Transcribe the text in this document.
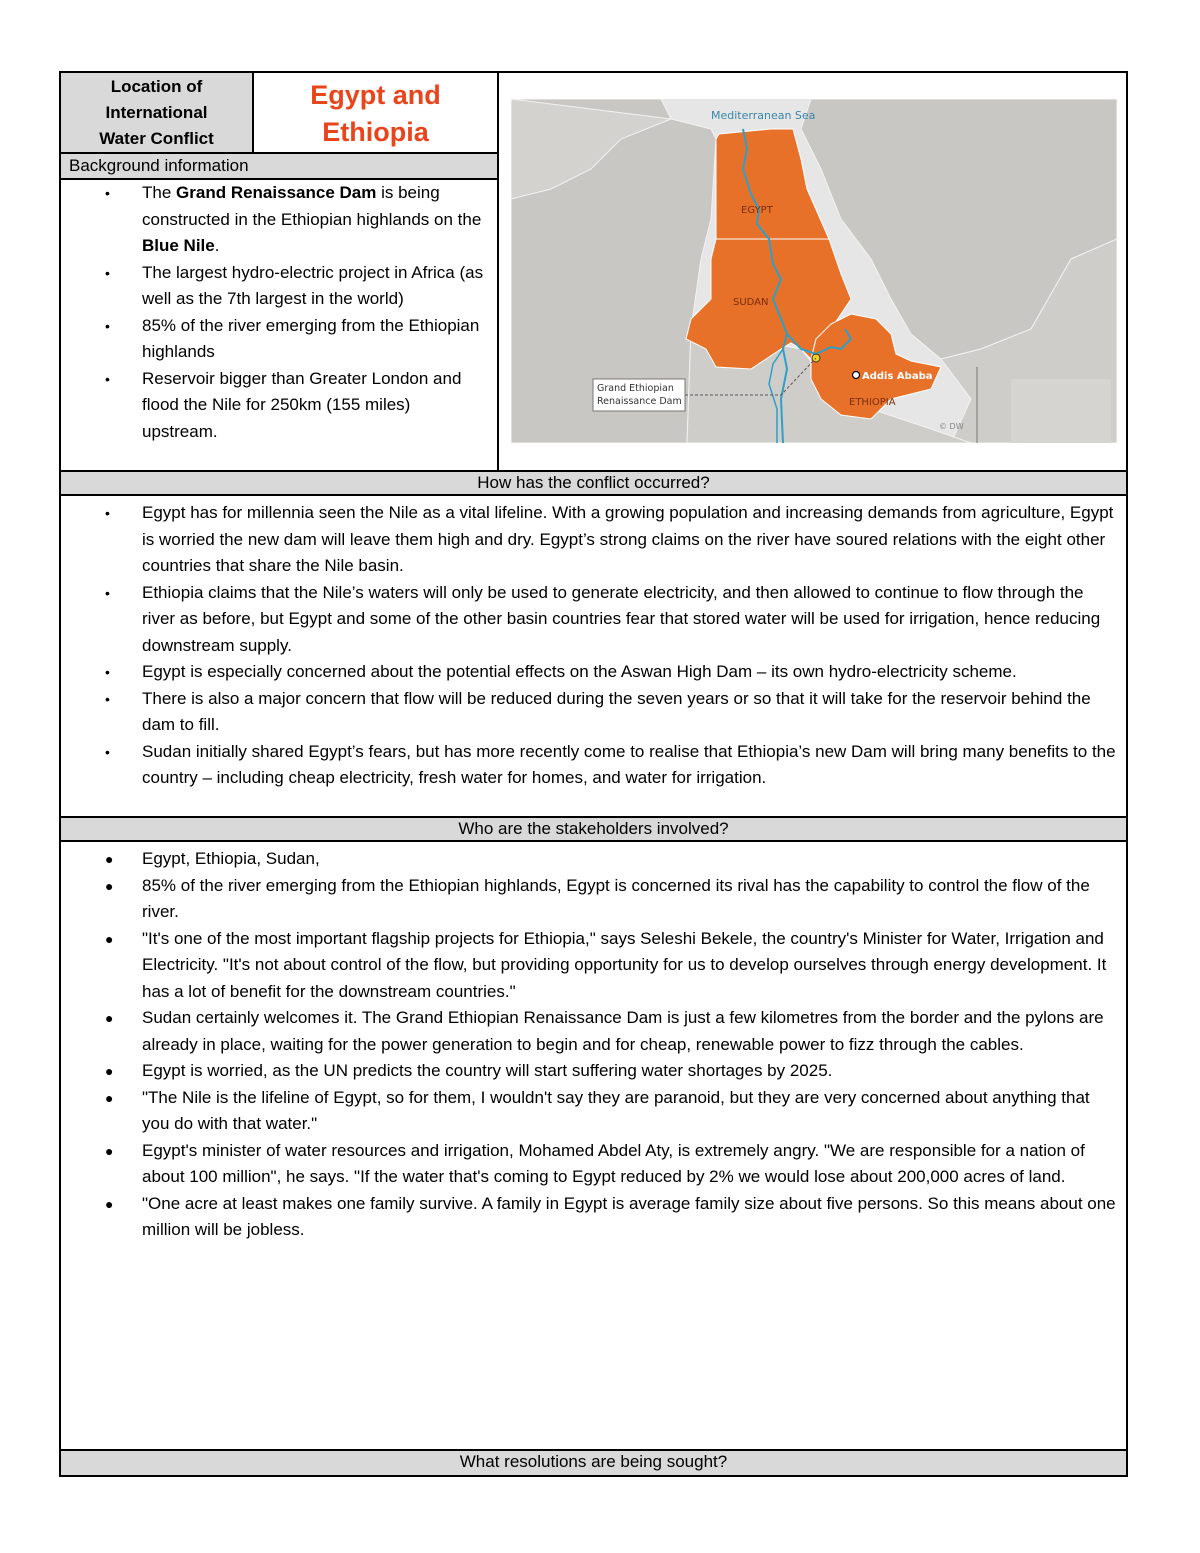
Location of
International
Water Conflict
Egypt and
Ethiopia
Background information
• The Grand Renaissance Dam is being constructed in the Ethiopian highlands on the Blue Nile.
• The largest hydro-electric project in Africa (as well as the 7th largest in the world)
• 85% of the river emerging from the Ethiopian highlands
• Reservoir bigger than Greater London and flood the Nile for 250km (155 miles) upstream.
Mediterranean Sea
EGYPT
SUDAN
ETHIOPIA
Addis Ababa
Grand Ethiopian
Renaissance Dam
© DW
How has the conflict occurred?
• Egypt has for millennia seen the Nile as a vital lifeline. With a growing population and increasing demands from agriculture, Egypt is worried the new dam will leave them high and dry. Egypt’s strong claims on the river have soured relations with the eight other countries that share the Nile basin.
• Ethiopia claims that the Nile’s waters will only be used to generate electricity, and then allowed to continue to flow through the river as before, but Egypt and some of the other basin countries fear that stored water will be used for irrigation, hence reducing downstream supply.
• Egypt is especially concerned about the potential effects on the Aswan High Dam – its own hydro-electricity scheme.
• There is also a major concern that flow will be reduced during the seven years or so that it will take for the reservoir behind the dam to fill.
• Sudan initially shared Egypt’s fears, but has more recently come to realise that Ethiopia’s new Dam will bring many benefits to the country – including cheap electricity, fresh water for homes, and water for irrigation.
Who are the stakeholders involved?
● Egypt, Ethiopia, Sudan,
● 85% of the river emerging from the Ethiopian highlands, Egypt is concerned its rival has the capability to control the flow of the river.
● "It's one of the most important flagship projects for Ethiopia," says Seleshi Bekele, the country's Minister for Water, Irrigation and Electricity. "It's not about control of the flow, but providing opportunity for us to develop ourselves through energy development. It has a lot of benefit for the downstream countries."
● Sudan certainly welcomes it. The Grand Ethiopian Renaissance Dam is just a few kilometres from the border and the pylons are already in place, waiting for the power generation to begin and for cheap, renewable power to fizz through the cables.
● Egypt is worried, as the UN predicts the country will start suffering water shortages by 2025.
● "The Nile is the lifeline of Egypt, so for them, I wouldn't say they are paranoid, but they are very concerned about anything that you do with that water."
● Egypt's minister of water resources and irrigation, Mohamed Abdel Aty, is extremely angry. "We are responsible for a nation of about 100 million", he says. "If the water that's coming to Egypt reduced by 2% we would lose about 200,000 acres of land.
● "One acre at least makes one family survive. A family in Egypt is average family size about five persons. So this means about one million will be jobless.
What resolutions are being sought?
